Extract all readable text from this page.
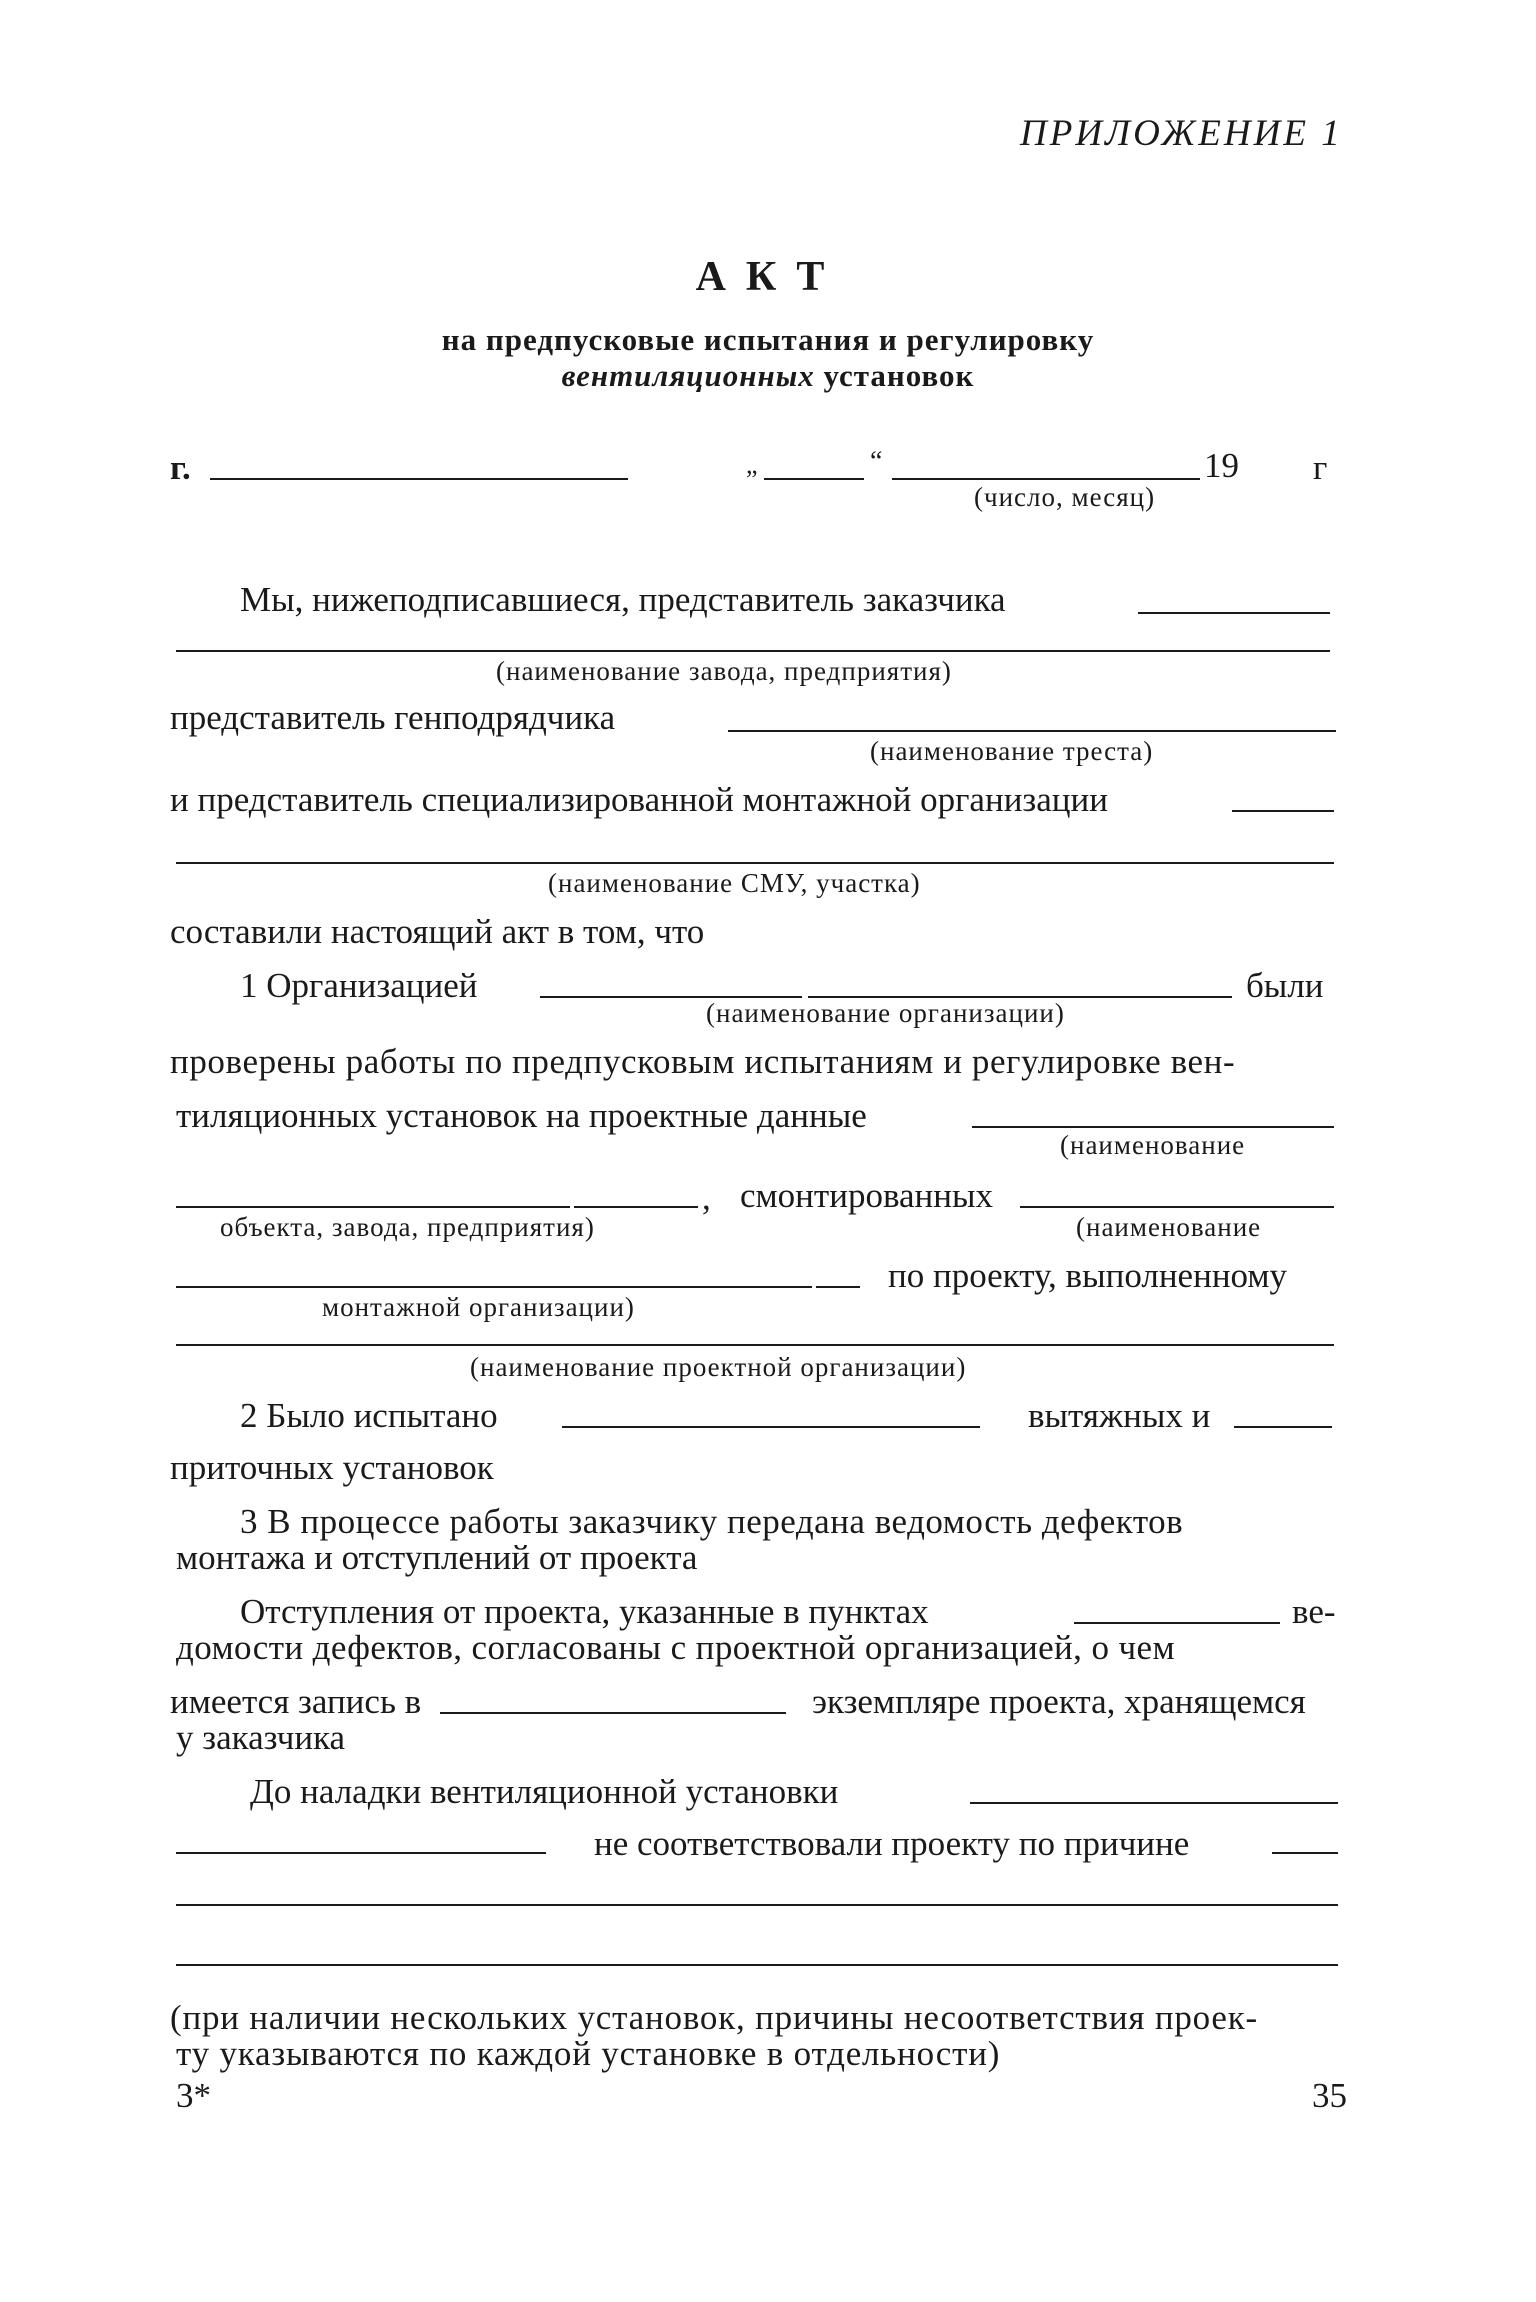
ПРИЛОЖЕНИЕ 1
АКТ
на предпусковые испытания и регулировку
вентиляционных установок
г.	„	“	19 г
(число, месяц)
Мы, нижеподписавшиеся, представитель заказчика
(наименование завода, предприятия)
представитель генподрядчика
(наименование треста)
и представитель специализированной монтажной организации
(наименование СМУ, участка)
составили настоящий акт в том, что
1 Организацией	были
(наименование организации)
проверены работы по предпусковым испытаниям и регулировке вен-
тиляционных установок на проектные данные
(наименование
, смонтированных
объекта, завода, предприятия)	(наименование
по проекту, выполненному
монтажной организации)
(наименование проектной организации)
2 Было испытано	вытяжных и
приточных установок
3 В процессе работы заказчику передана ведомость дефектов
монтажа и отступлений от проекта
Отступления от проекта, указанные в пунктах	ве-
домости дефектов, согласованы с проектной организацией, о чем
имеется запись в	экземпляре проекта, хранящемся
у заказчика
До наладки вентиляционной установки
не соответствовали проекту по причине
(при наличии нескольких установок, причины несоответствия проек-
ту указываются по каждой установке в отдельности)
3*	35
